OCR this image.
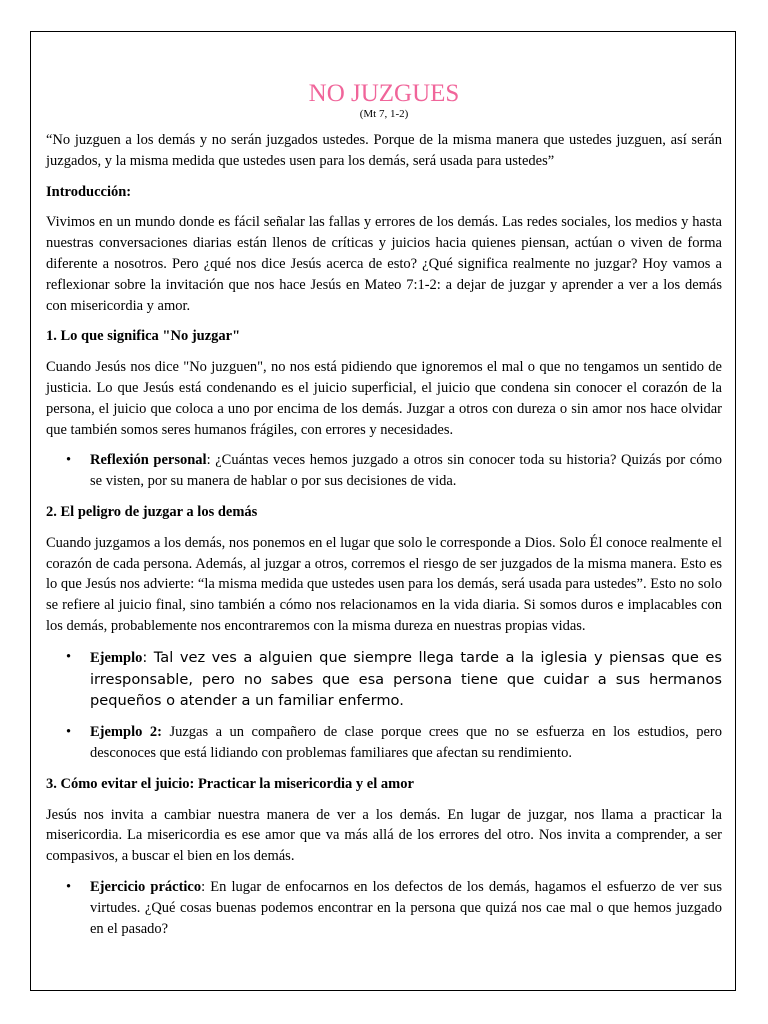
NO JUZGUES
(Mt 7, 1-2)

“No juzguen a los demás y no serán juzgados ustedes. Porque de la misma manera que ustedes juzguen, así serán juzgados, y la misma medida que ustedes usen para los demás, será usada para ustedes”

Introducción:

Vivimos en un mundo donde es fácil señalar las fallas y errores de los demás. Las redes sociales, los medios y hasta nuestras conversaciones diarias están llenos de críticas y juicios hacia quienes piensan, actúan o viven de forma diferente a nosotros. Pero ¿qué nos dice Jesús acerca de esto? ¿Qué significa realmente no juzgar? Hoy vamos a reflexionar sobre la invitación que nos hace Jesús en Mateo 7:1-2: a dejar de juzgar y aprender a ver a los demás con misericordia y amor.

1. Lo que significa "No juzgar"

Cuando Jesús nos dice "No juzguen", no nos está pidiendo que ignoremos el mal o que no tengamos un sentido de justicia. Lo que Jesús está condenando es el juicio superficial, el juicio que condena sin conocer el corazón de la persona, el juicio que coloca a uno por encima de los demás. Juzgar a otros con dureza o sin amor nos hace olvidar que también somos seres humanos frágiles, con errores y necesidades.

• Reflexión personal: ¿Cuántas veces hemos juzgado a otros sin conocer toda su historia? Quizás por cómo se visten, por su manera de hablar o por sus decisiones de vida.
2. El peligro de juzgar a los demás

Cuando juzgamos a los demás, nos ponemos en el lugar que solo le corresponde a Dios. Solo Él conoce realmente el corazón de cada persona. Además, al juzgar a otros, corremos el riesgo de ser juzgados de la misma manera. Esto es lo que Jesús nos advierte: “la misma medida que ustedes usen para los demás, será usada para ustedes”. Esto no solo se refiere al juicio final, sino también a cómo nos relacionamos en la vida diaria. Si somos duros e implacables con los demás, probablemente nos encontraremos con la misma dureza en nuestras propias vidas.

• Ejemplo: Tal vez ves a alguien que siempre llega tarde a la iglesia y piensas que es irresponsable, pero no sabes que esa persona tiene que cuidar a sus hermanos pequeños o atender a un familiar enfermo.
• Ejemplo 2: Juzgas a un compañero de clase porque crees que no se esfuerza en los estudios, pero desconoces que está lidiando con problemas familiares que afectan su rendimiento.
3. Cómo evitar el juicio: Practicar la misericordia y el amor

Jesús nos invita a cambiar nuestra manera de ver a los demás. En lugar de juzgar, nos llama a practicar la misericordia. La misericordia es ese amor que va más allá de los errores del otro. Nos invita a comprender, a ser compasivos, a buscar el bien en los demás.

• Ejercicio práctico: En lugar de enfocarnos en los defectos de los demás, hagamos el esfuerzo de ver sus virtudes. ¿Qué cosas buenas podemos encontrar en la persona que quizá nos cae mal o que hemos juzgado en el pasado?
